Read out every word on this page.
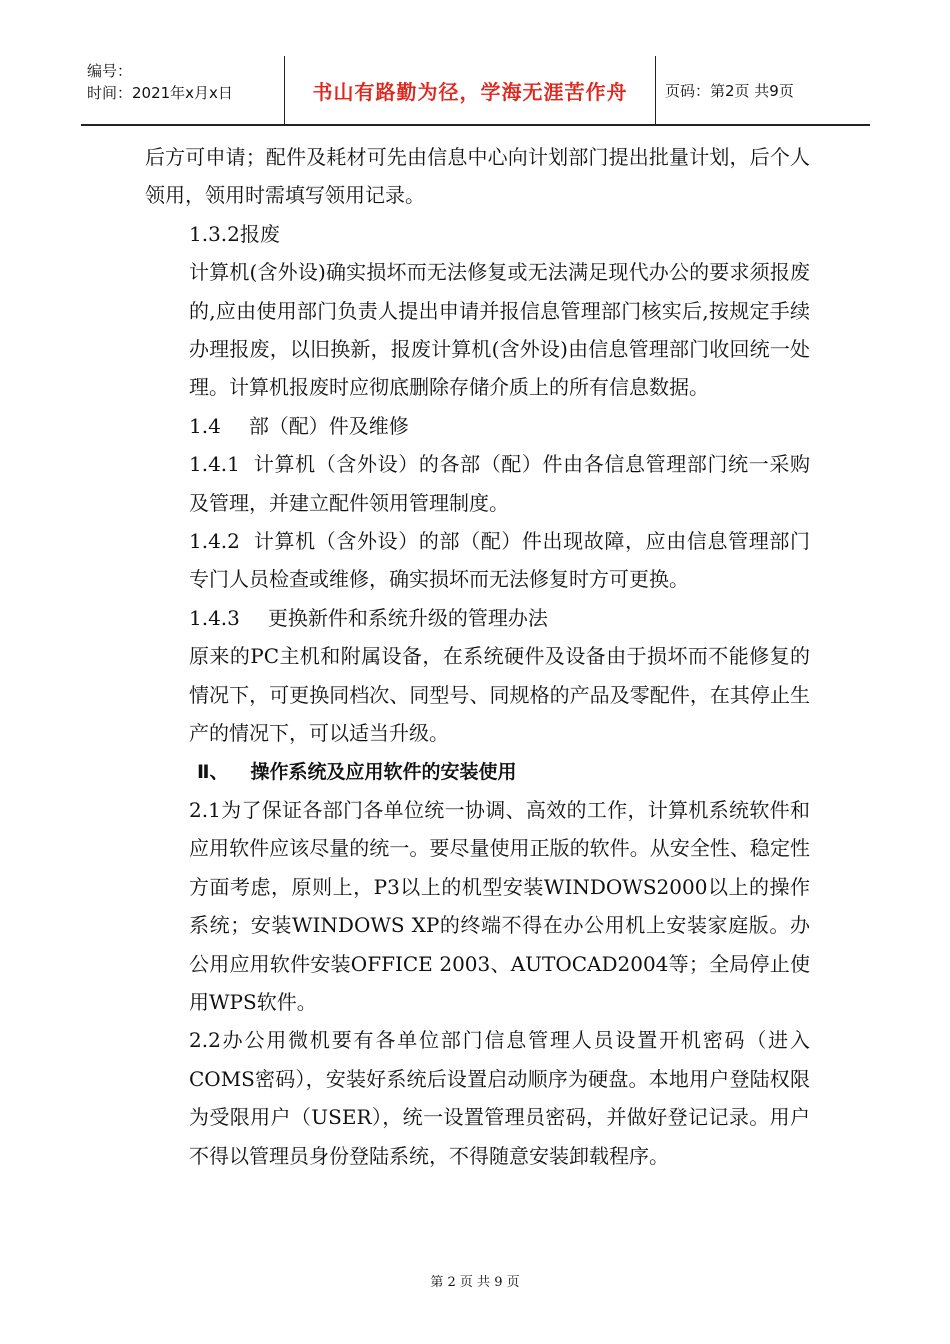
编号：
时间：2021年x月x日	书山有路勤为径，学海无涯苦作舟	页码：第2页 共9页

后方可申请；配件及耗材可先由信息中心向计划部门提出批量计划，后个人领用，领用时需填写领用记录。

1.3.2报废

计算机(含外设)确实损坏而无法修复或无法满足现代办公的要求须报废的,应由使用部门负责人提出申请并报信息管理部门核实后,按规定手续办理报废，以旧换新，报废计算机(含外设)由信息管理部门收回统一处理。计算机报废时应彻底删除存储介质上的所有信息数据。

1.4 部（配）件及维修

1.4.1 计算机（含外设）的各部（配）件由各信息管理部门统一采购及管理，并建立配件领用管理制度。

1.4.2 计算机（含外设）的部（配）件出现故障，应由信息管理部门专门人员检查或维修，确实损坏而无法修复时方可更换。

1.4.3 更换新件和系统升级的管理办法

原来的PC主机和附属设备，在系统硬件及设备由于损坏而不能修复的情况下，可更换同档次、同型号、同规格的产品及零配件，在其停止生产的情况下，可以适当升级。

Ⅱ、 操作系统及应用软件的安装使用

2.1为了保证各部门各单位统一协调、高效的工作，计算机系统软件和应用软件应该尽量的统一。要尽量使用正版的软件。从安全性、稳定性方面考虑，原则上，P3以上的机型安装WINDOWS2000以上的操作系统；安装WINDOWS XP的终端不得在办公用机上安装家庭版。办公用应用软件安装OFFICE 2003、AUTOCAD2004等；全局停止使用WPS软件。

2.2办公用微机要有各单位部门信息管理人员设置开机密码（进入COMS密码），安装好系统后设置启动顺序为硬盘。本地用户登陆权限为受限用户（USER），统一设置管理员密码，并做好登记记录。用户不得以管理员身份登陆系统，不得随意安装卸载程序。

第 2 页 共 9 页
